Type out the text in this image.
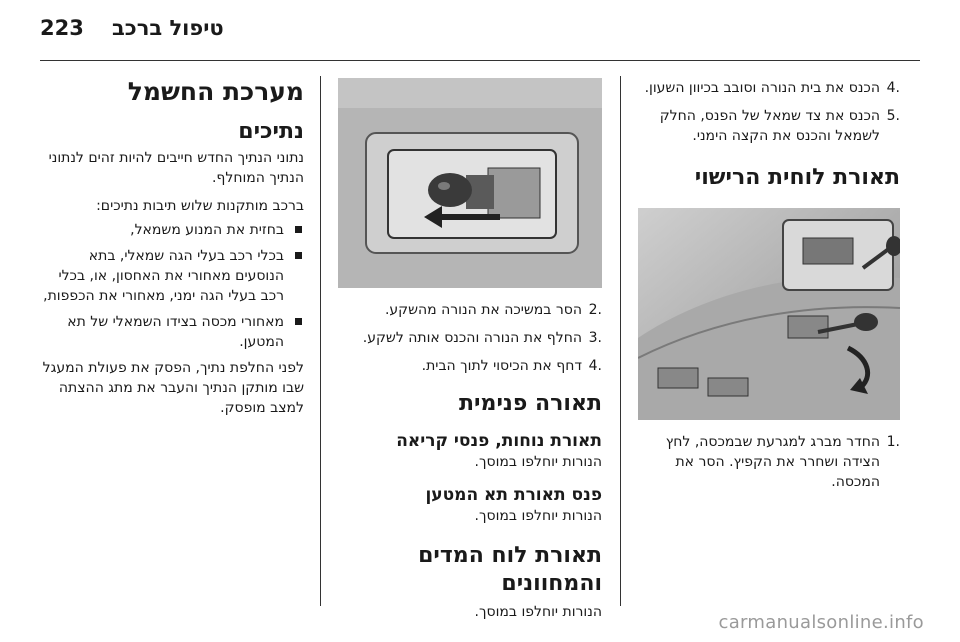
223 טיפול ברכב
.4
הכנס את בית הנורה וסובב בכיוון השעון.
.5
הכנס את צד שמאל של הפנס, החלק לשמאל והכנס את הקצה הימני.
תאורת לוחית הרישוי
.1
החדר מברג למגרעת שבמכסה, לחץ הצידה ושחרר את הקפיץ. הסר את המכסה.
.2
הסר במשיכה את הנורה מהשקע.
.3
החלף את הנורה והכנס אותה לשקע.
.4
דחף את הכיסוי לתוך הבית.
תאורה פנימית
תאורת נוחות, פנסי קריאה

הנורות יוחלפו במוסך.

פנס תאורת תא המטען

הנורות יוחלפו במוסך.

תאורת לוח המדים והמחוונים

הנורות יוחלפו במוסך.

מערכת החשמל
נתיכים

נתוני הנתיך החדש חייבים להיות זהים לנתוני הנתיך המוחלף.

ברכב מותקנות שלוש תיבות נתיכים:

בחזית את המנוע משמאל,
בכלי רכב בעלי הגה שמאלי, בתא הנוסעים מאחורי את האחסון, או, בכלי רכב בעלי הגה ימני, מאחורי את הכפפות,
מאחורי מכסה בצידו השמאלי של תא המטען.

לפני החלפת נתיך, הפסק את פעולת המעגל שבו מותקן הנתיך והעבר את מתג ההצתה למצב מופסק.

carmanualsonline.info
